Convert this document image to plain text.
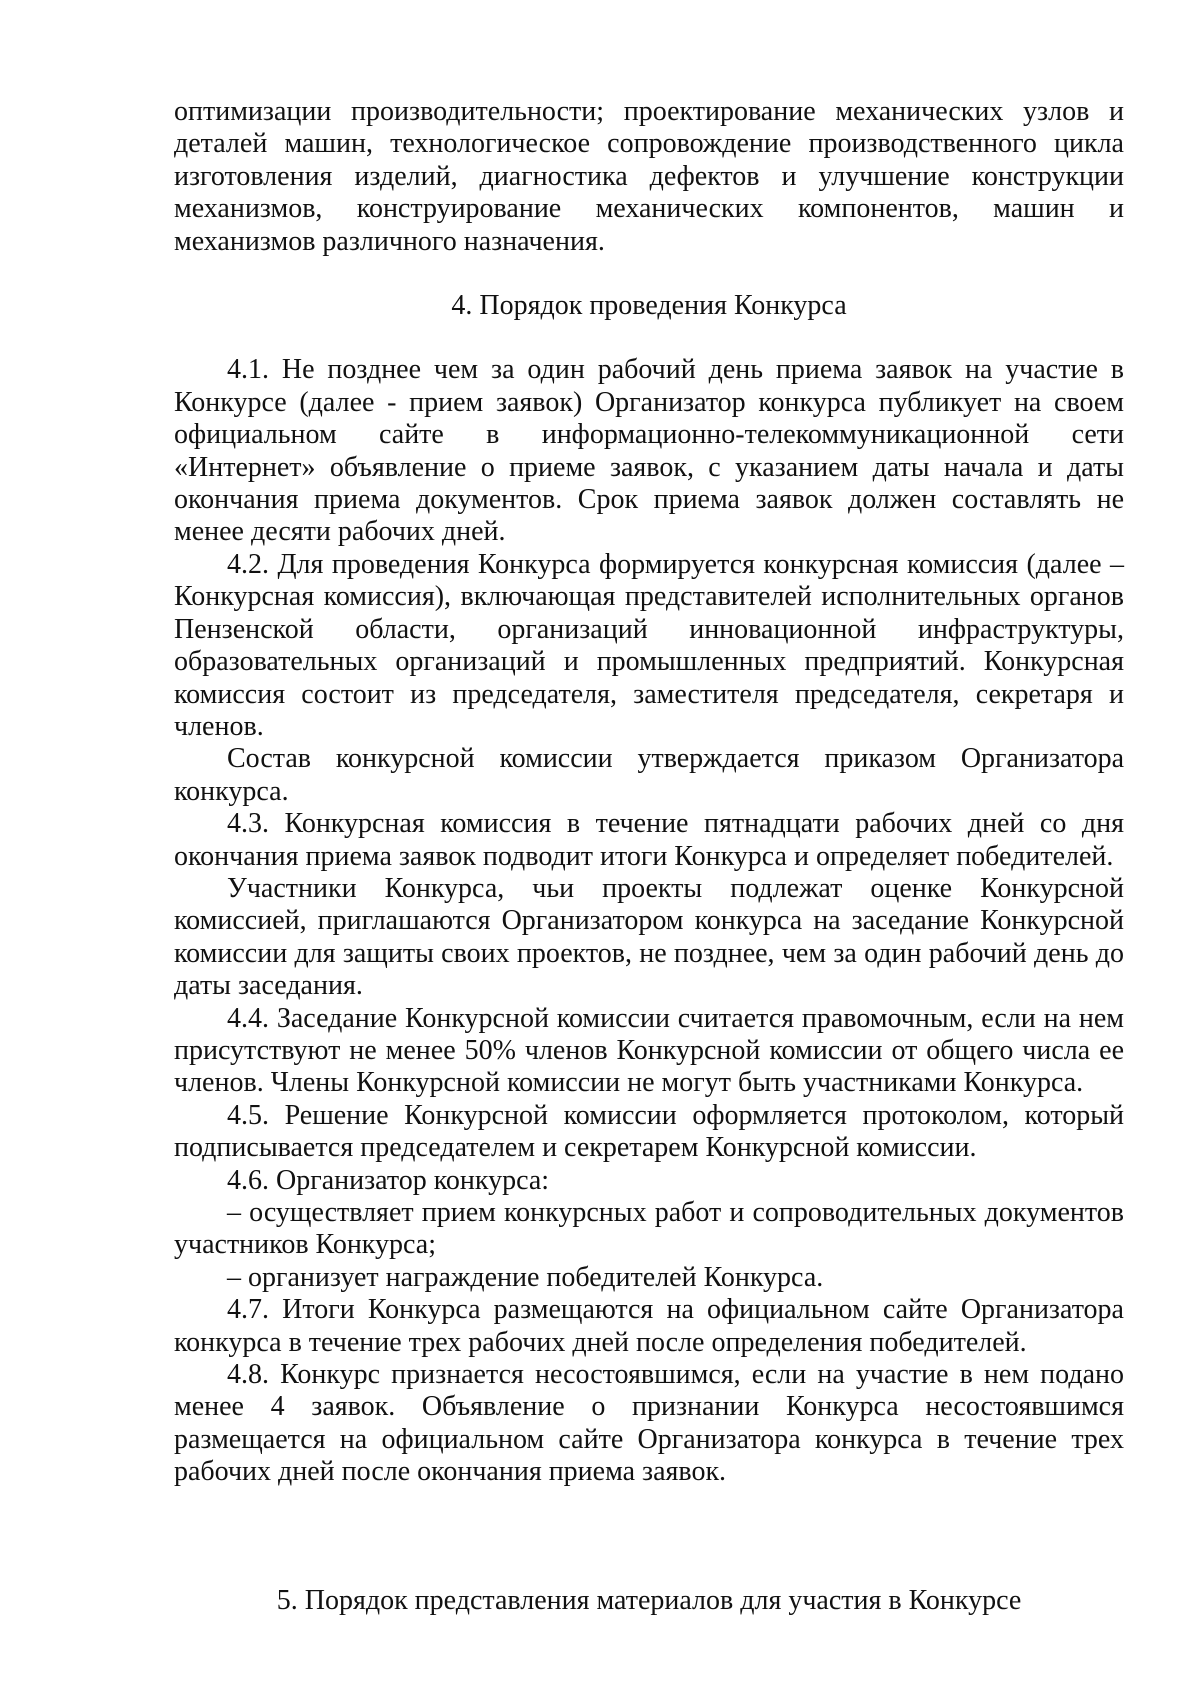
оптимизации производительности; проектирование механических узлов и деталей машин, технологическое сопровождение производственного цикла изготовления изделий, диагностика дефектов и улучшение конструкции механизмов, конструирование механических компонентов, машин и механизмов различного назначения.

4. Порядок проведения Конкурса

4.1. Не позднее чем за один рабочий день приема заявок на участие в Конкурсе (далее - прием заявок) Организатор конкурса публикует на своем официальном сайте в информационно-телекоммуникационной сети «Интернет» объявление о приеме заявок, с указанием даты начала и даты окончания приема документов. Срок приема заявок должен составлять не менее десяти рабочих дней.

4.2. Для проведения Конкурса формируется конкурсная комиссия (далее – Конкурсная комиссия), включающая представителей исполнительных органов Пензенской области, организаций инновационной инфраструктуры, образовательных организаций и промышленных предприятий. Конкурсная комиссия состоит из председателя, заместителя председателя, секретаря и членов.

Состав конкурсной комиссии утверждается приказом Организатора конкурса.

4.3. Конкурсная комиссия в течение пятнадцати рабочих дней со дня окончания приема заявок подводит итоги Конкурса и определяет победителей.

Участники Конкурса, чьи проекты подлежат оценке Конкурсной комиссией, приглашаются Организатором конкурса на заседание Конкурсной комиссии для защиты своих проектов, не позднее, чем за один рабочий день до даты заседания.

4.4. Заседание Конкурсной комиссии считается правомочным, если на нем присутствуют не менее 50% членов Конкурсной комиссии от общего числа ее членов. Члены Конкурсной комиссии не могут быть участниками Конкурса.

4.5. Решение Конкурсной комиссии оформляется протоколом, который подписывается председателем и секретарем Конкурсной комиссии.

4.6. Организатор конкурса:

– осуществляет прием конкурсных работ и сопроводительных документов участников Конкурса;

– организует награждение победителей Конкурса.

4.7. Итоги Конкурса размещаются на официальном сайте Организатора конкурса в течение трех рабочих дней после определения победителей.

4.8. Конкурс признается несостоявшимся, если на участие в нем подано менее 4 заявок. Объявление о признании Конкурса несостоявшимся размещается на официальном сайте Организатора конкурса в течение трех рабочих дней после окончания приема заявок.

5. Порядок представления материалов для участия в Конкурсе
